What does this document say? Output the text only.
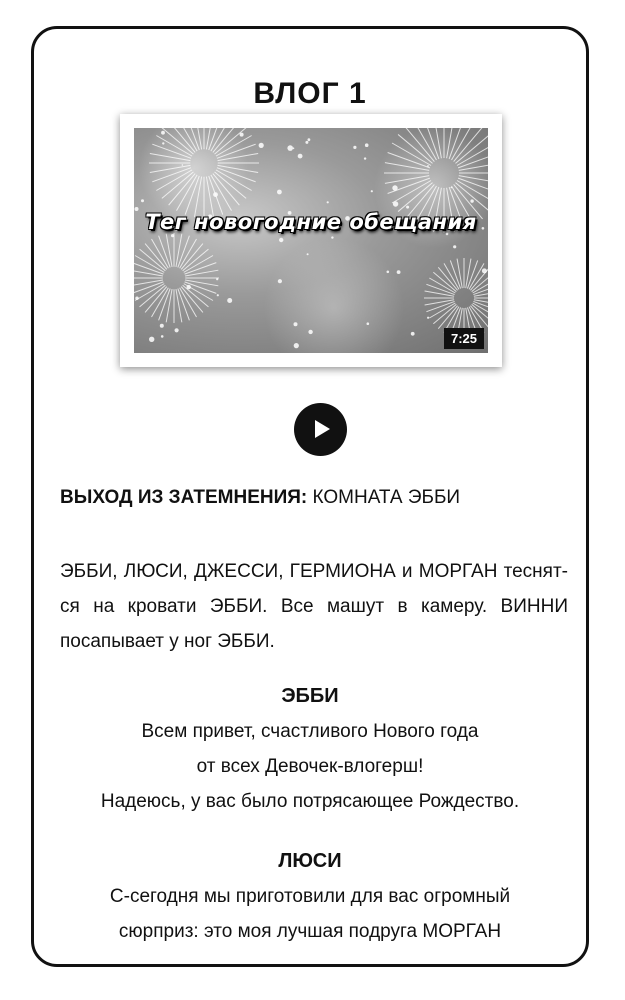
ВЛОГ 1
Тег новогодние обещания
7:25
ВЫХОД ИЗ ЗАТЕМНЕНИЯ: КОМНАТА ЭББИ
ЭББИ, ЛЮСИ, ДЖЕССИ, ГЕРМИОНА и МОРГАН теснят-
ся на кровати ЭББИ. Все машут в камеру. ВИННИ
посапывает у ног ЭББИ.
ЭББИ
Всем привет, счастливого Нового года
от всех Девочек-влогерш!
Надеюсь, у вас было потрясающее Рождество.
ЛЮСИ
С-сегодня мы приготовили для вас огромный
сюрприз: это моя лучшая подруга МОРГАН
